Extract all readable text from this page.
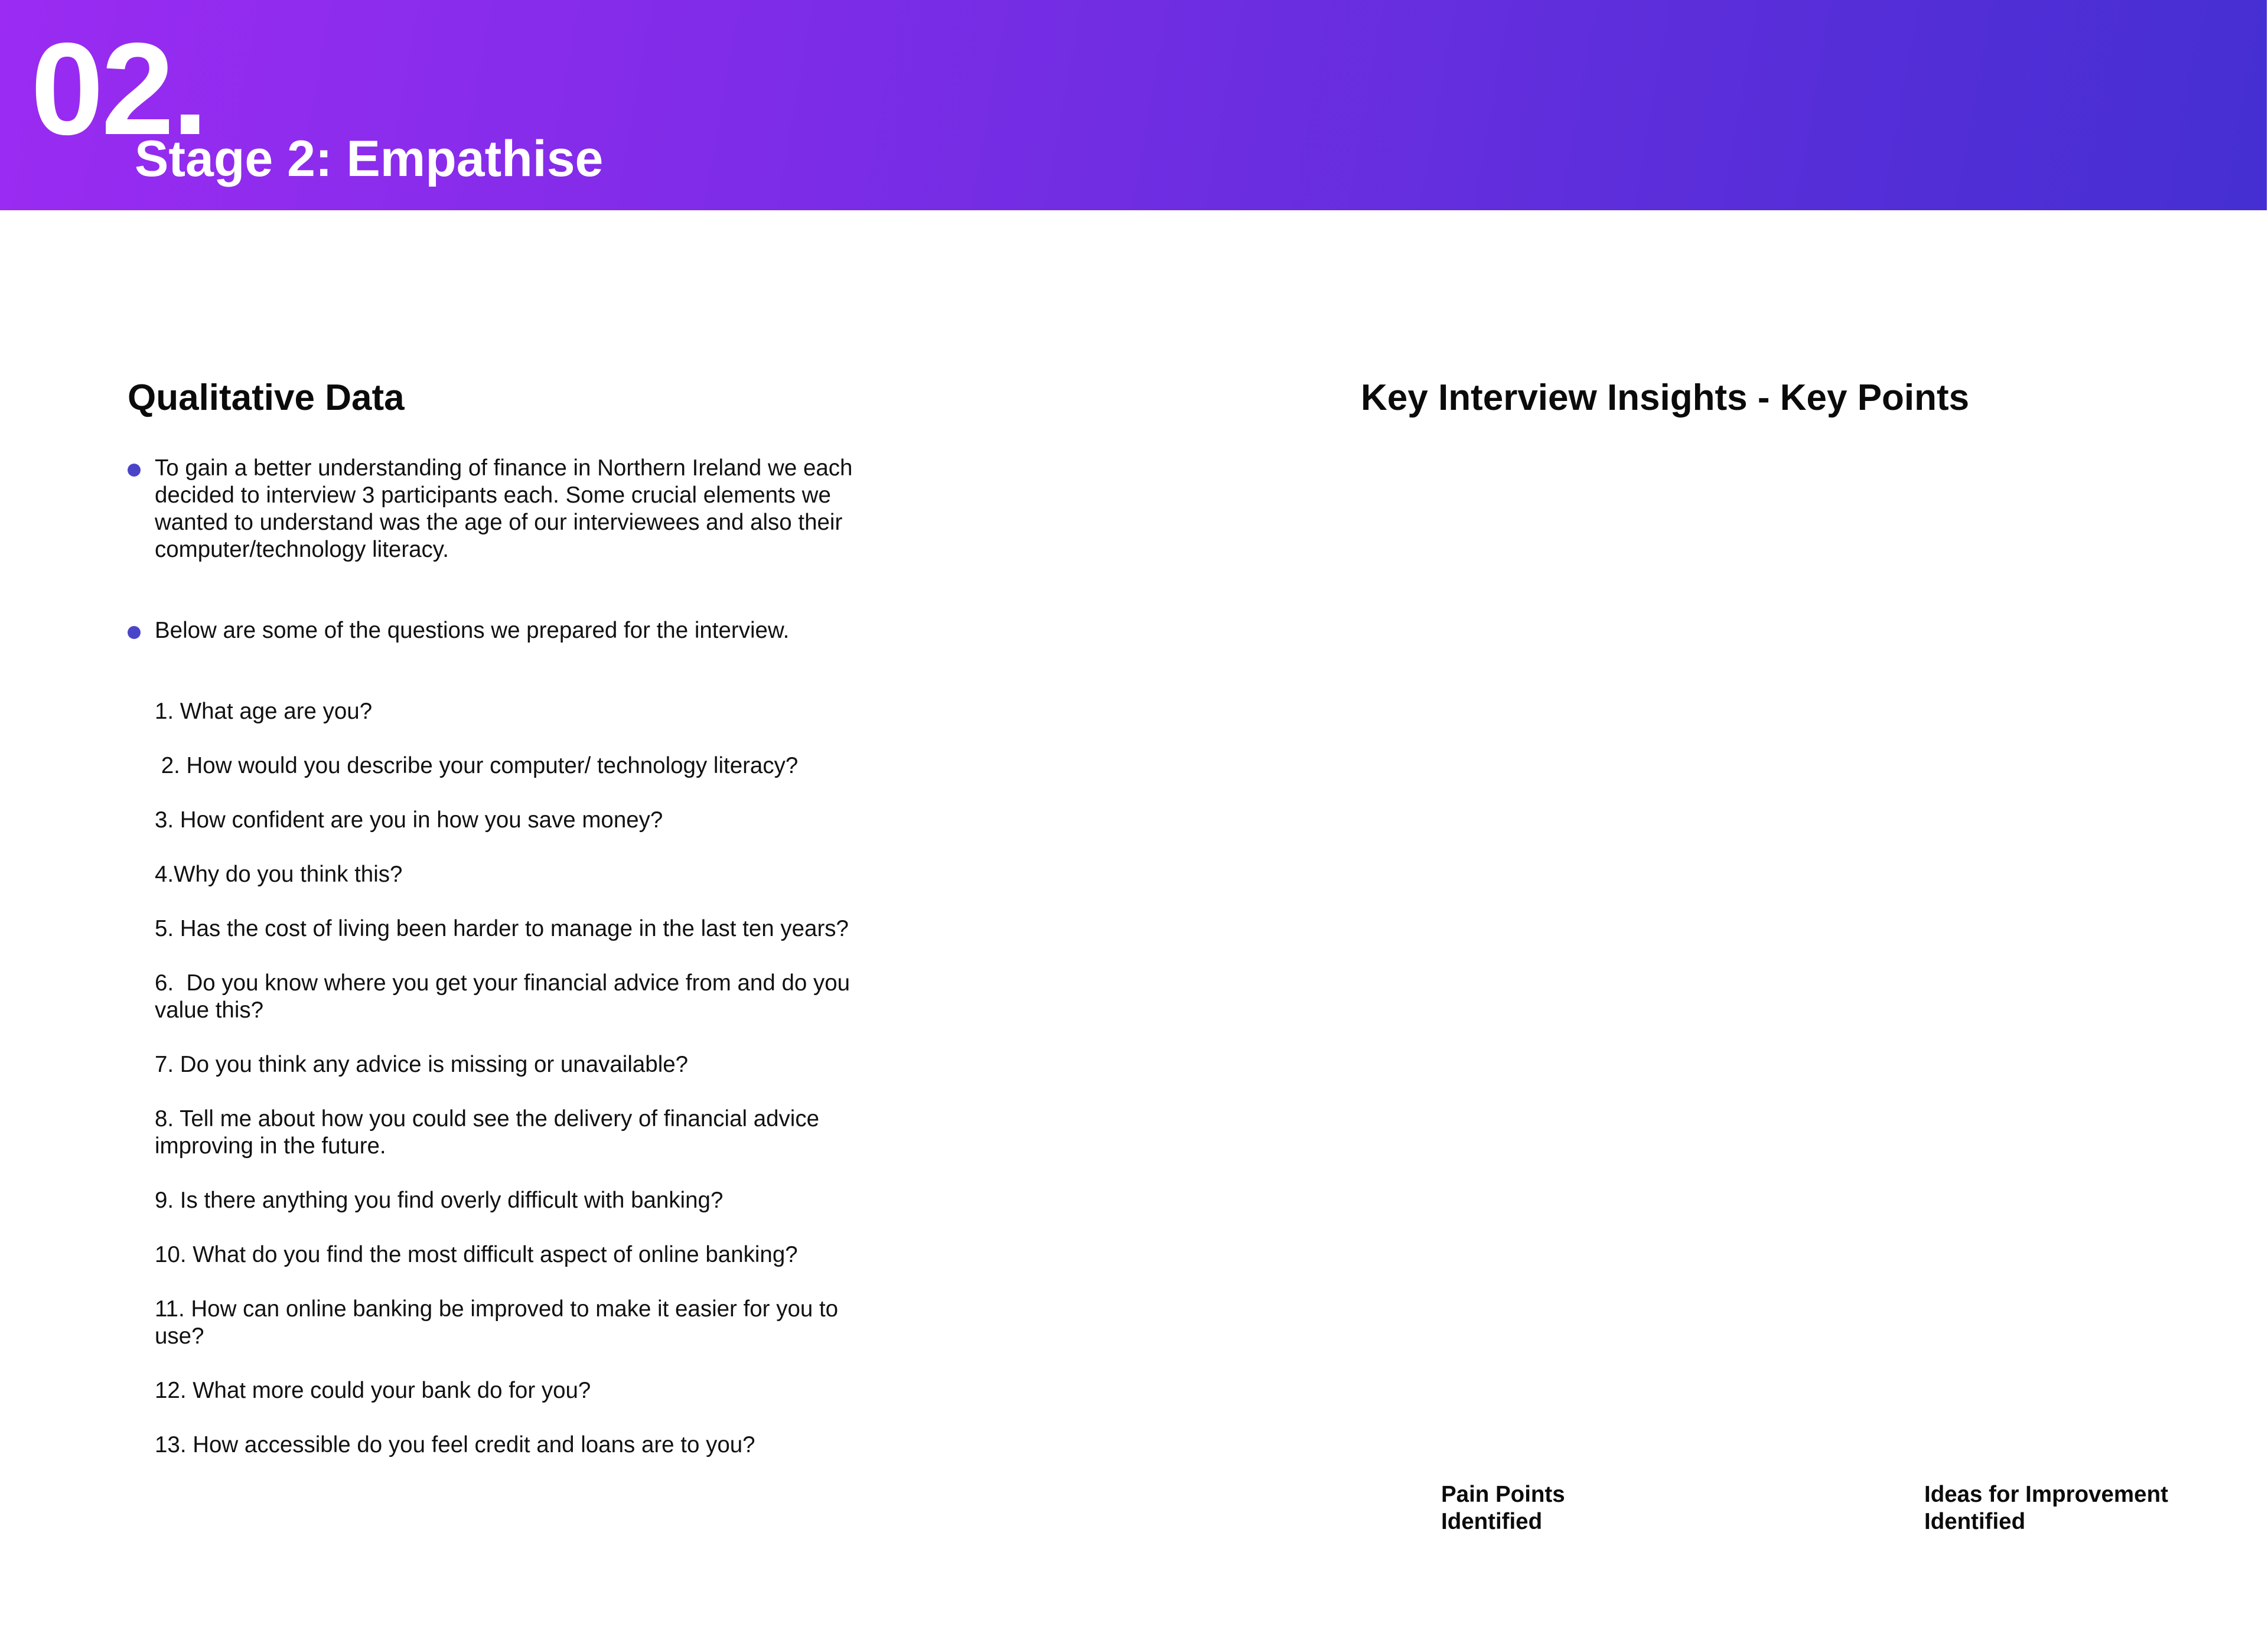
02.
Stage 2: Empathise
Qualitative Data	Key Interview Insights - Key Points
To gain a better understanding of finance in Northern Ireland we each decided to interview 3 participants each. Some crucial elements we wanted to understand was the age of our interviewees and also their computer/technology literacy.
Below are some of the questions we prepared for the interview.
1. What age are you?
2. How would you describe your computer/ technology literacy?
3. How confident are you in how you save money?
4.Why do you think this?
5. Has the cost of living been harder to manage in the last ten years?
6.  Do you know where you get your financial advice from and do you value this?
7. Do you think any advice is missing or unavailable?
8. Tell me about how you could see the delivery of financial advice improving in the future.
9. Is there anything you find overly difficult with banking?
10. What do you find the most difficult aspect of online banking?
11. How can online banking be improved to make it easier for you to use?
12. What more could your bank do for you?
13. How accessible do you feel credit and loans are to you?
Pain Points Identified
Ideas for Improvement Identified
